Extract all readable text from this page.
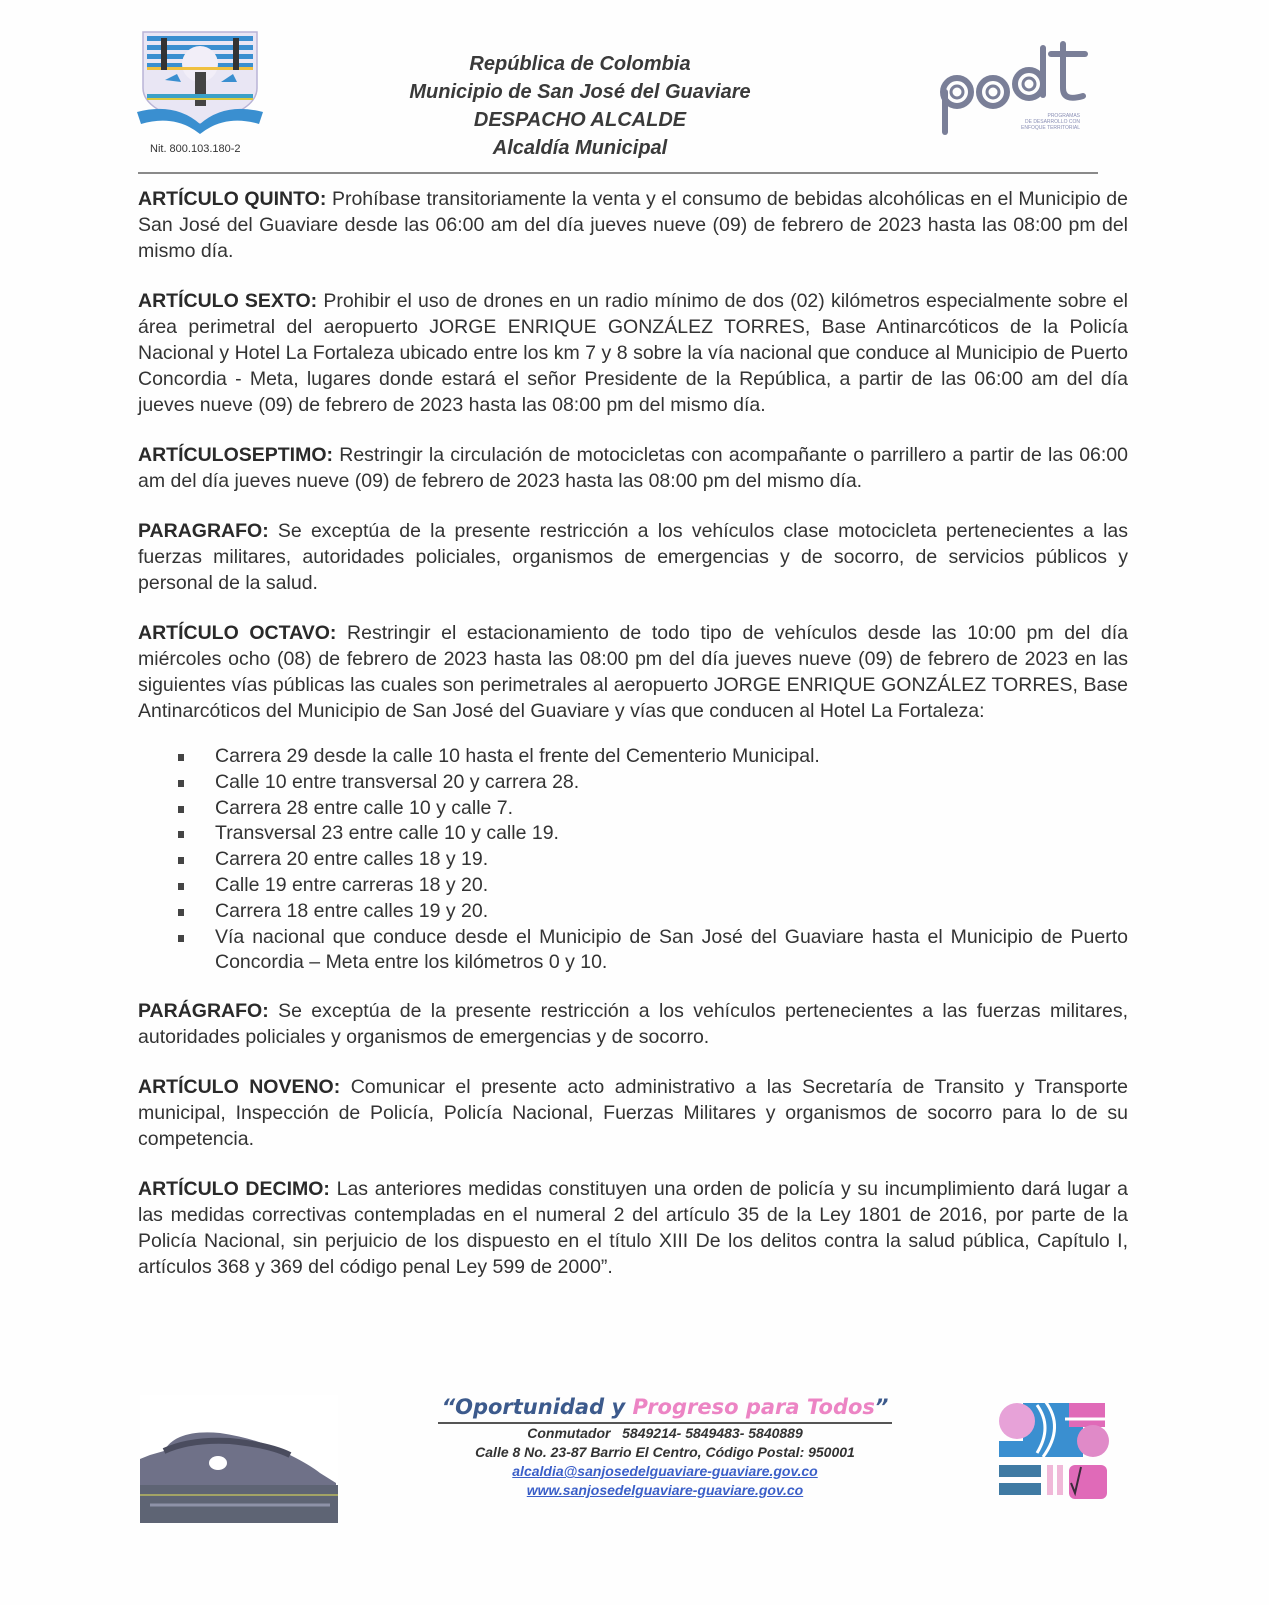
Nit. 800.103.180-2
República de Colombia
Municipio de San José del Guaviare
DESPACHO ALCALDE
Alcaldía Municipal
PROGRAMAS
DE DESARROLLO CON
ENFOQUE TERRITORIAL

ARTÍCULO QUINTO: Prohíbase transitoriamente la venta y el consumo de bebidas alcohólicas en el Municipio de San José del Guaviare desde las 06:00 am del día jueves nueve (09) de febrero de 2023 hasta las 08:00 pm del mismo día.

ARTÍCULO SEXTO: Prohibir el uso de drones en un radio mínimo de dos (02) kilómetros especialmente sobre el área perimetral del aeropuerto JORGE ENRIQUE GONZÁLEZ TORRES, Base Antinarcóticos de la Policía Nacional y Hotel La Fortaleza ubicado entre los km 7 y 8 sobre la vía nacional que conduce al Municipio de Puerto Concordia - Meta, lugares donde estará el señor Presidente de la República, a partir de las 06:00 am del día jueves nueve (09) de febrero de 2023 hasta las 08:00 pm del mismo día.

ARTÍCULOSEPTIMO: Restringir la circulación de motocicletas con acompañante o parrillero a partir de las 06:00 am del día jueves nueve (09) de febrero de 2023 hasta las 08:00 pm del mismo día.

PARAGRAFO: Se exceptúa de la presente restricción a los vehículos clase motocicleta pertenecientes a las fuerzas militares, autoridades policiales, organismos de emergencias y de socorro, de servicios públicos y personal de la salud.

ARTÍCULO OCTAVO: Restringir el estacionamiento de todo tipo de vehículos desde las 10:00 pm del día miércoles ocho (08) de febrero de 2023 hasta las 08:00 pm del día jueves nueve (09) de febrero de 2023 en las siguientes vías públicas las cuales son perimetrales al aeropuerto JORGE ENRIQUE GONZÁLEZ TORRES, Base Antinarcóticos del Municipio de San José del Guaviare y vías que conducen al Hotel La Fortaleza:

Carrera 29 desde la calle 10 hasta el frente del Cementerio Municipal.
Calle 10 entre transversal 20 y carrera 28.
Carrera 28 entre calle 10 y calle 7.
Transversal 23 entre calle 10 y calle 19.
Carrera 20 entre calles 18 y 19.
Calle 19 entre carreras 18 y 20.
Carrera 18 entre calles 19 y 20.
Vía nacional que conduce desde el Municipio de San José del Guaviare hasta el Municipio de Puerto Concordia – Meta entre los kilómetros 0 y 10.

PARÁGRAFO: Se exceptúa de la presente restricción a los vehículos pertenecientes a las fuerzas militares, autoridades policiales y organismos de emergencias y de socorro.

ARTÍCULO NOVENO: Comunicar el presente acto administrativo a las Secretaría de Transito y Transporte municipal, Inspección de Policía, Policía Nacional, Fuerzas Militares y organismos de socorro para lo de su competencia.

ARTÍCULO DECIMO: Las anteriores medidas constituyen una orden de policía y su incumplimiento dará lugar a las medidas correctivas contempladas en el numeral 2 del artículo 35 de la Ley 1801 de 2016, por parte de la Policía Nacional, sin perjuicio de los dispuesto en el título XIII De los delitos contra la salud pública, Capítulo I, artículos 368 y 369 del código penal Ley 599 de 2000”.

“Oportunidad y Progreso para Todos”
Conmutador   5849214- 5849483- 5840889
Calle 8 No. 23-87 Barrio El Centro, Código Postal: 950001
alcaldia@sanjosedelguaviare-guaviare.gov.co
www.sanjosedelguaviare-guaviare.gov.co
